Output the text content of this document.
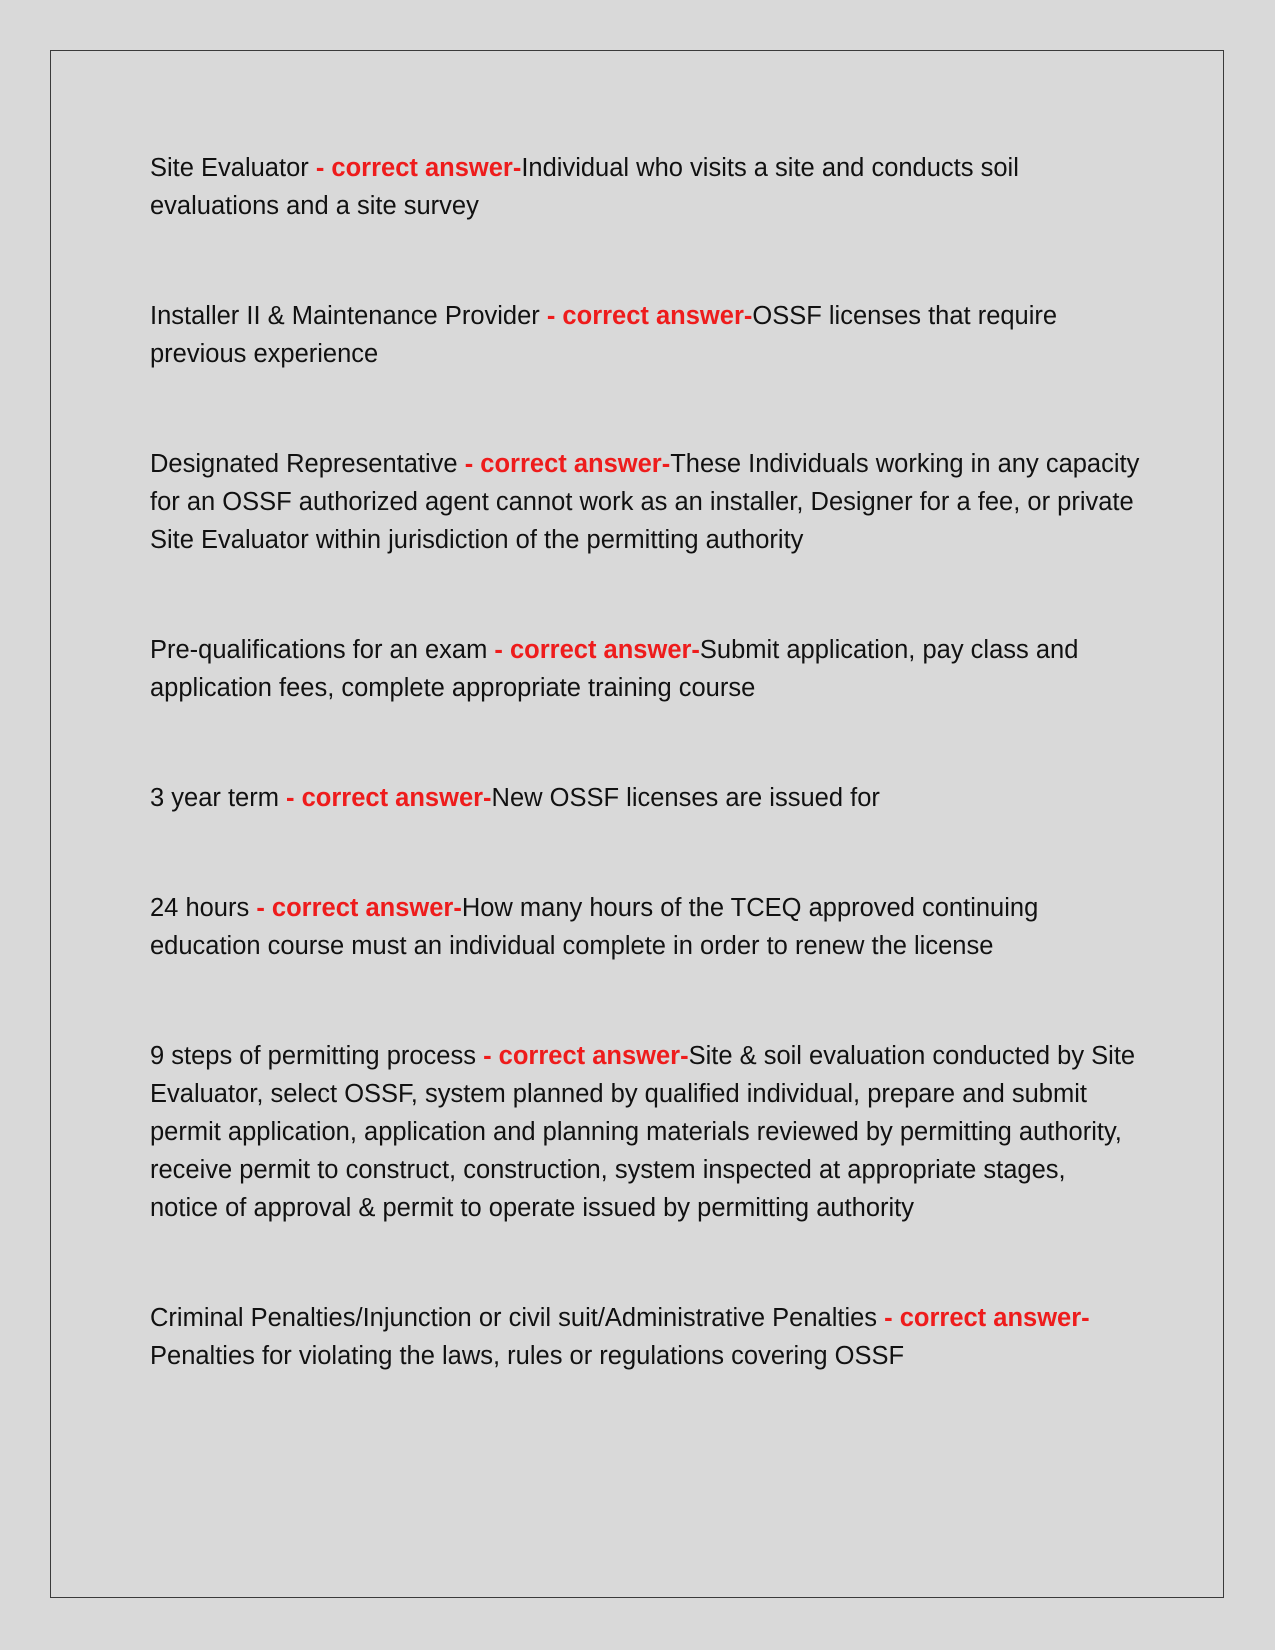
Site Evaluator - correct answer-Individual who visits a site and conducts soil evaluations and a site survey
Installer II & Maintenance Provider - correct answer-OSSF licenses that require previous experience
Designated Representative - correct answer-These Individuals working in any capacity for an OSSF authorized agent cannot work as an installer, Designer for a fee, or private Site Evaluator within jurisdiction of the permitting authority
Pre-qualifications for an exam - correct answer-Submit application, pay class and application fees, complete appropriate training course
3 year term - correct answer-New OSSF licenses are issued for
24 hours - correct answer-How many hours of the TCEQ approved continuing education course must an individual complete in order to renew the license
9 steps of permitting process - correct answer-Site & soil evaluation conducted by Site Evaluator, select OSSF, system planned by qualified individual, prepare and submit permit application, application and planning materials reviewed by permitting authority, receive permit to construct, construction, system inspected at appropriate stages, notice of approval & permit to operate issued by permitting authority
Criminal Penalties/Injunction or civil suit/Administrative Penalties - correct answer-Penalties for violating the laws, rules or regulations covering OSSF
